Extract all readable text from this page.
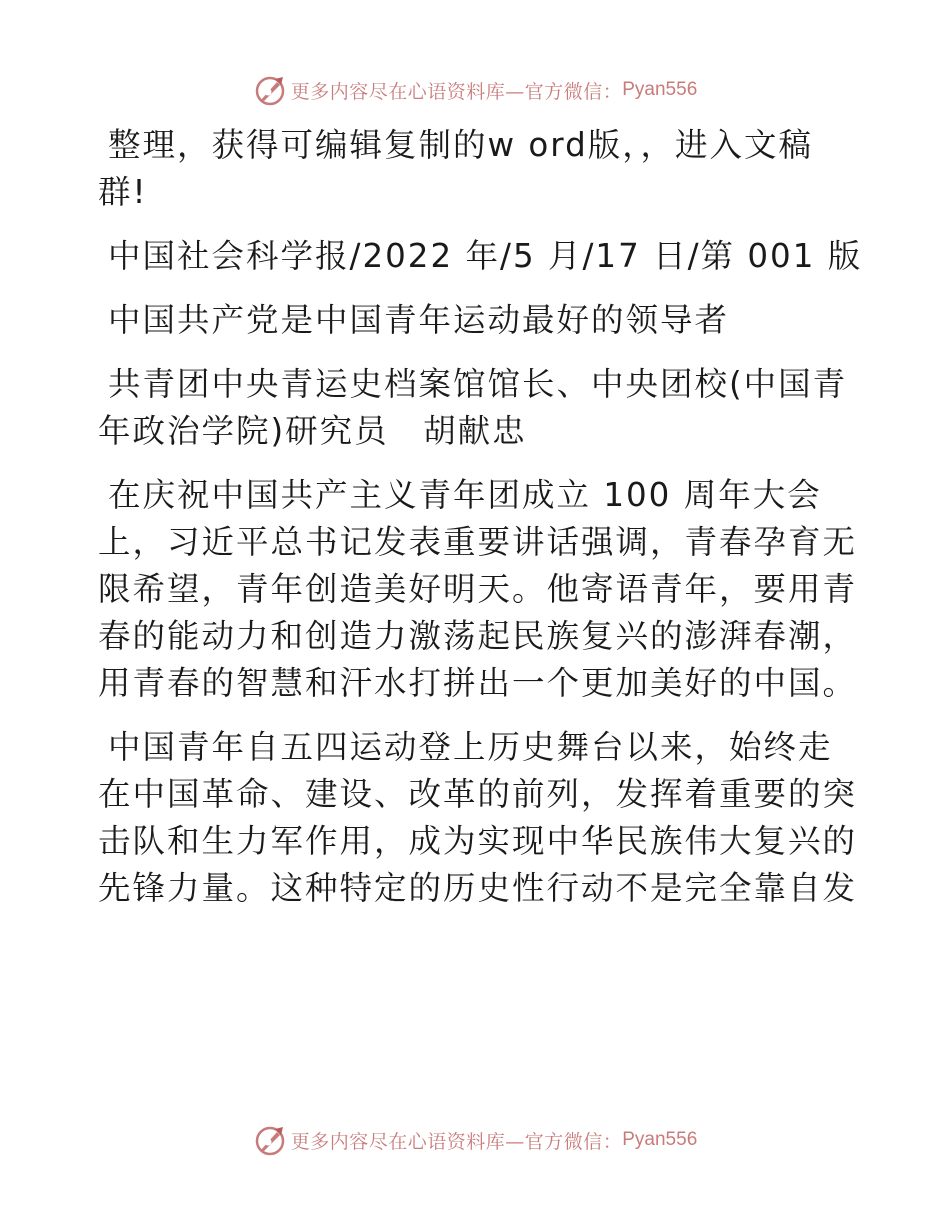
更多内容尽在心语资料库—官方微信： Pyan556

整理，获得可编辑复制的w ord版，，进入文稿
群!

中国社会科学报/2022 年/5 月/17 日/第 001 版

中国共产党是中国青年运动最好的领导者

共青团中央青运史档案馆馆长、中央团校(中国青
年政治学院)研究员　胡献忠

在庆祝中国共产主义青年团成立 100 周年大会
上，习近平总书记发表重要讲话强调，青春孕育无
限希望，青年创造美好明天。他寄语青年，要用青
春的能动力和创造力激荡起民族复兴的澎湃春潮，
用青春的智慧和汗水打拼出一个更加美好的中国。

中国青年自五四运动登上历史舞台以来，始终走
在中国革命、建设、改革的前列，发挥着重要的突
击队和生力军作用，成为实现中华民族伟大复兴的
先锋力量。这种特定的历史性行动不是完全靠自发

更多内容尽在心语资料库—官方微信： Pyan556
